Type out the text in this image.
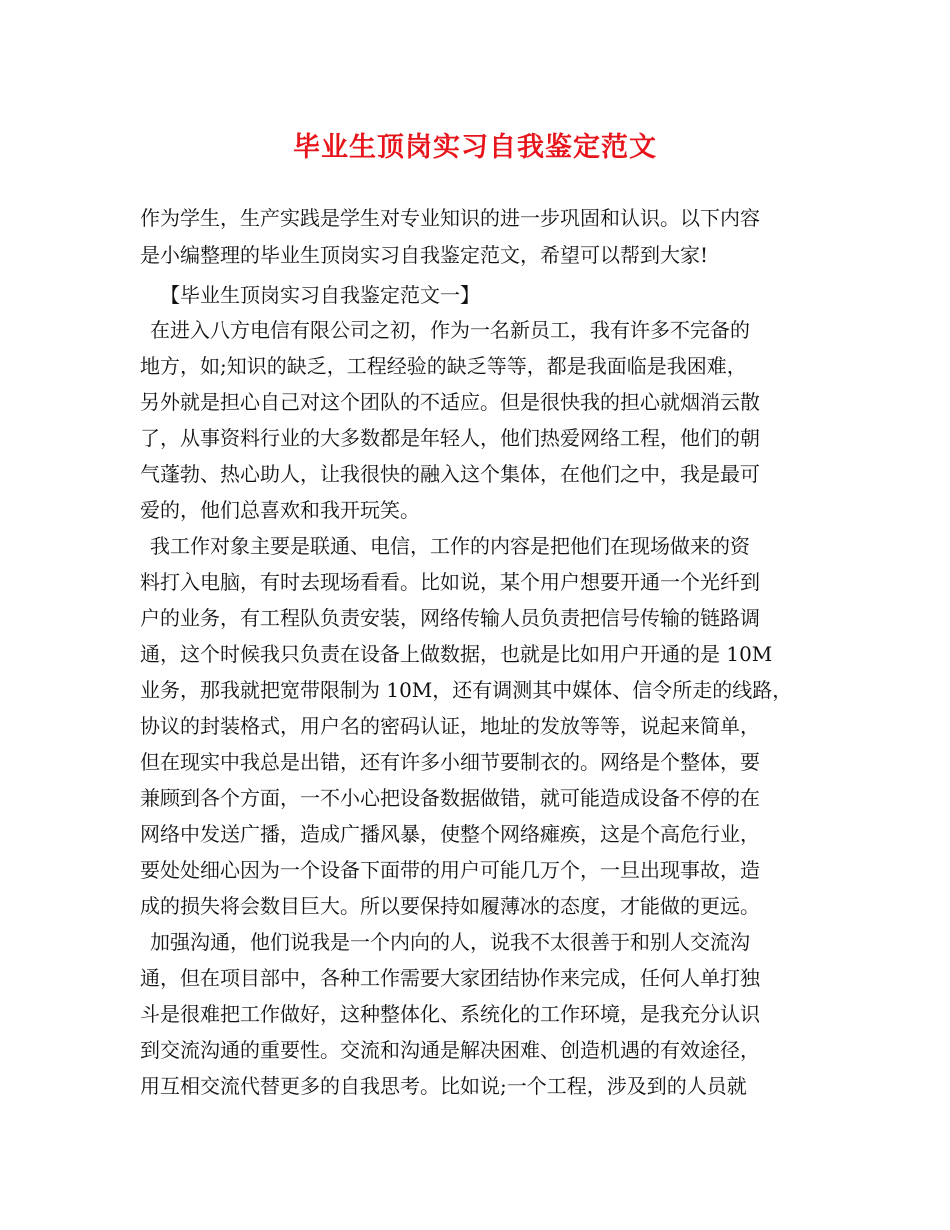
毕业生顶岗实习自我鉴定范文
作为学生，生产实践是学生对专业知识的进一步巩固和认识。以下内容
是小编整理的毕业生顶岗实习自我鉴定范文，希望可以帮到大家!
【毕业生顶岗实习自我鉴定范文一】
在进入八方电信有限公司之初，作为一名新员工，我有许多不完备的
地方，如;知识的缺乏，工程经验的缺乏等等，都是我面临是我困难，
另外就是担心自己对这个团队的不适应。但是很快我的担心就烟消云散
了，从事资料行业的大多数都是年轻人，他们热爱网络工程，他们的朝
气蓬勃、热心助人，让我很快的融入这个集体，在他们之中，我是最可
爱的，他们总喜欢和我开玩笑。
我工作对象主要是联通、电信，工作的内容是把他们在现场做来的资
料打入电脑，有时去现场看看。比如说，某个用户想要开通一个光纤到
户的业务，有工程队负责安装，网络传输人员负责把信号传输的链路调
通，这个时候我只负责在设备上做数据，也就是比如用户开通的是 10M
业务，那我就把宽带限制为 10M，还有调测其中媒体、信令所走的线路，
协议的封装格式，用户名的密码认证，地址的发放等等，说起来简单，
但在现实中我总是出错，还有许多小细节要制衣的。网络是个整体，要
兼顾到各个方面，一不小心把设备数据做错，就可能造成设备不停的在
网络中发送广播，造成广播风暴，使整个网络瘫痪，这是个高危行业，
要处处细心因为一个设备下面带的用户可能几万个，一旦出现事故，造
成的损失将会数目巨大。所以要保持如履薄冰的态度，才能做的更远。
加强沟通，他们说我是一个内向的人，说我不太很善于和别人交流沟
通，但在项目部中，各种工作需要大家团结协作来完成，任何人单打独
斗是很难把工作做好，这种整体化、系统化的工作环境，是我充分认识
到交流沟通的重要性。交流和沟通是解决困难、创造机遇的有效途径，
用互相交流代替更多的自我思考。比如说;一个工程，涉及到的人员就
